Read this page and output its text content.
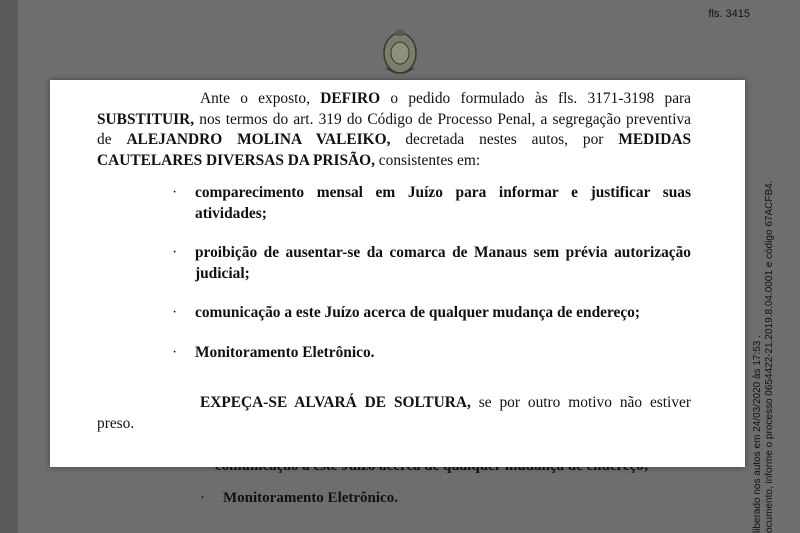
fls. 3415
· Monitoramento Eletrônico.	liberado nos autos em 24/03/2020 às 17:53 . ocumento, informe o processo 0654422-21.2019.8.04.0001 e código 67ACFB4.

Ante o exposto, DEFIRO o pedido formulado às fls. 3171-3198 para SUBSTITUIR, nos termos do art. 319 do Código de Processo Penal, a segregação preventiva de ALEJANDRO MOLINA VALEIKO, decretada nestes autos, por MEDIDAS CAUTELARES DIVERSAS DA PRISÃO, consistentes em:

· comparecimento mensal em Juízo para informar e justificar suas atividades;
· proibição de ausentar-se da comarca de Manaus sem prévia autorização judicial;
· comunicação a este Juízo acerca de qualquer mudança de endereço;
· Monitoramento Eletrônico.

EXPEÇA-SE ALVARÁ DE SOLTURA, se por outro motivo não estiver preso.
